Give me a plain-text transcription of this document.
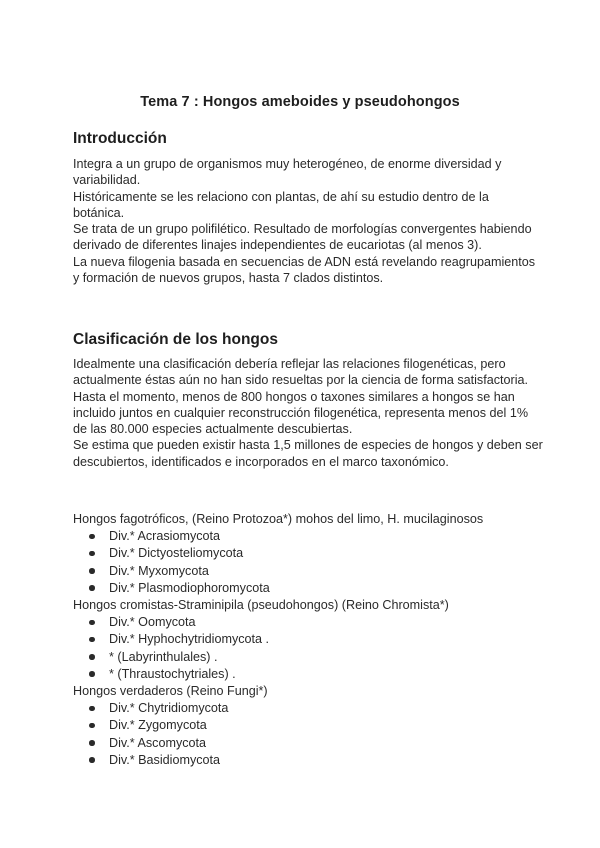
Tema 7 : Hongos ameboides y pseudohongos
Introducción

Integra a un grupo de organismos muy heterogéneo, de enorme diversidad y variabilidad.

Históricamente se les relaciono con plantas, de ahí su estudio dentro de la botánica.

Se trata de un grupo polifilético. Resultado de morfologías convergentes habiendo derivado de diferentes linajes independientes de eucariotas (al menos 3).

La nueva filogenia basada en secuencias de ADN está revelando reagrupamientos y formación de nuevos grupos, hasta 7 clados distintos.

Clasificación de los hongos

Idealmente una clasificación debería reflejar las relaciones filogenéticas, pero actualmente éstas aún no han sido resueltas por la ciencia de forma satisfactoria.

Hasta el momento, menos de 800 hongos o taxones similares a hongos se han incluido juntos en cualquier reconstrucción filogenética, representa menos del 1% de las 80.000 especies actualmente descubiertas.

Se estima que pueden existir hasta 1,5 millones de especies de hongos y deben ser descubiertos, identificados e incorporados en el marco taxonómico.

Hongos fagotróficos, (Reino Protozoa*) mohos del limo, H. mucilaginosos

Div.* Acrasiomycota
Div.* Dictyosteliomycota
Div.* Myxomycota
Div.* Plasmodiophoromycota

Hongos cromistas-Straminipila (pseudohongos) (Reino Chromista*)

Div.* Oomycota
Div.* Hyphochytridiomycota .
* (Labyrinthulales) .
* (Thraustochytriales) .

Hongos verdaderos (Reino Fungi*)

Div.* Chytridiomycota
Div.* Zygomycota
Div.* Ascomycota
Div.* Basidiomycota
